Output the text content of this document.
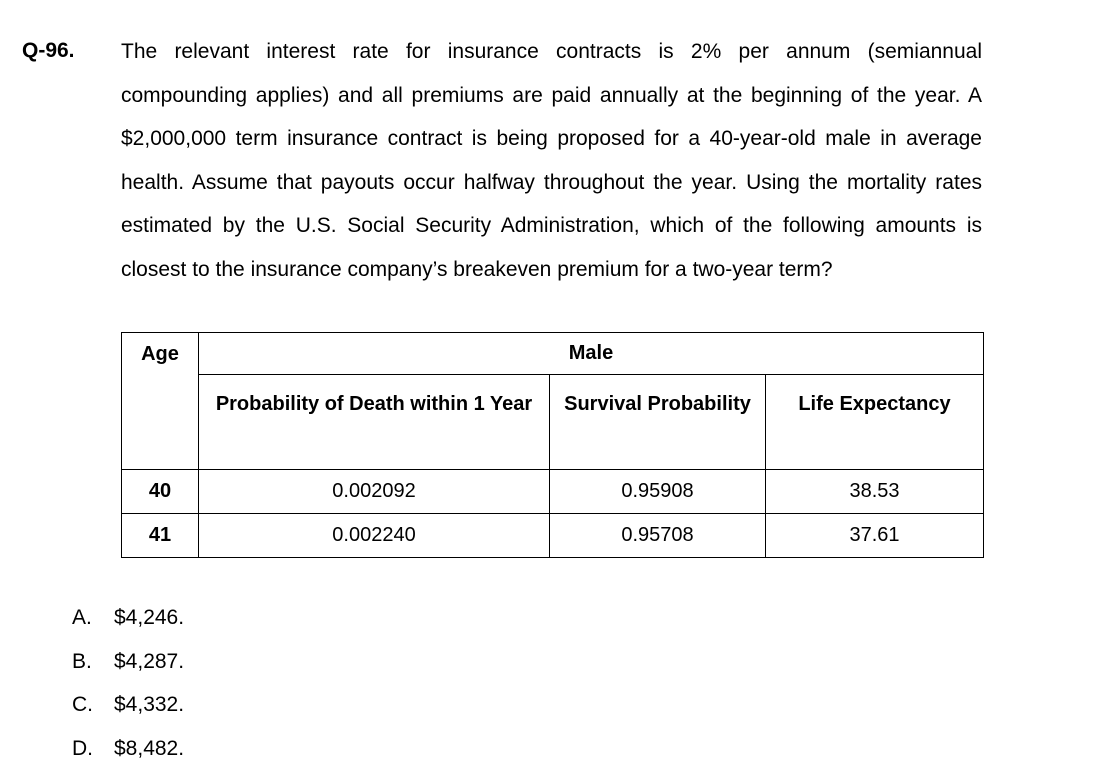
Q-96. The relevant interest rate for insurance contracts is 2% per annum (semiannual compounding applies) and all premiums are paid annually at the beginning of the year. A $2,000,000 term insurance contract is being proposed for a 40-year-old male in average health. Assume that payouts occur halfway throughout the year. Using the mortality rates estimated by the U.S. Social Security Administration, which of the following amounts is closest to the insurance company’s breakeven premium for a two-year term?
Age	Male		
	Probability of Death within 1 Year	Survival Probability	Life Expectancy
40	0.002092	0.95908	38.53
41	0.002240	0.95708	37.61
A.	$4,246.
B.	$4,287.
C.	$4,332.
D.	$8,482.
